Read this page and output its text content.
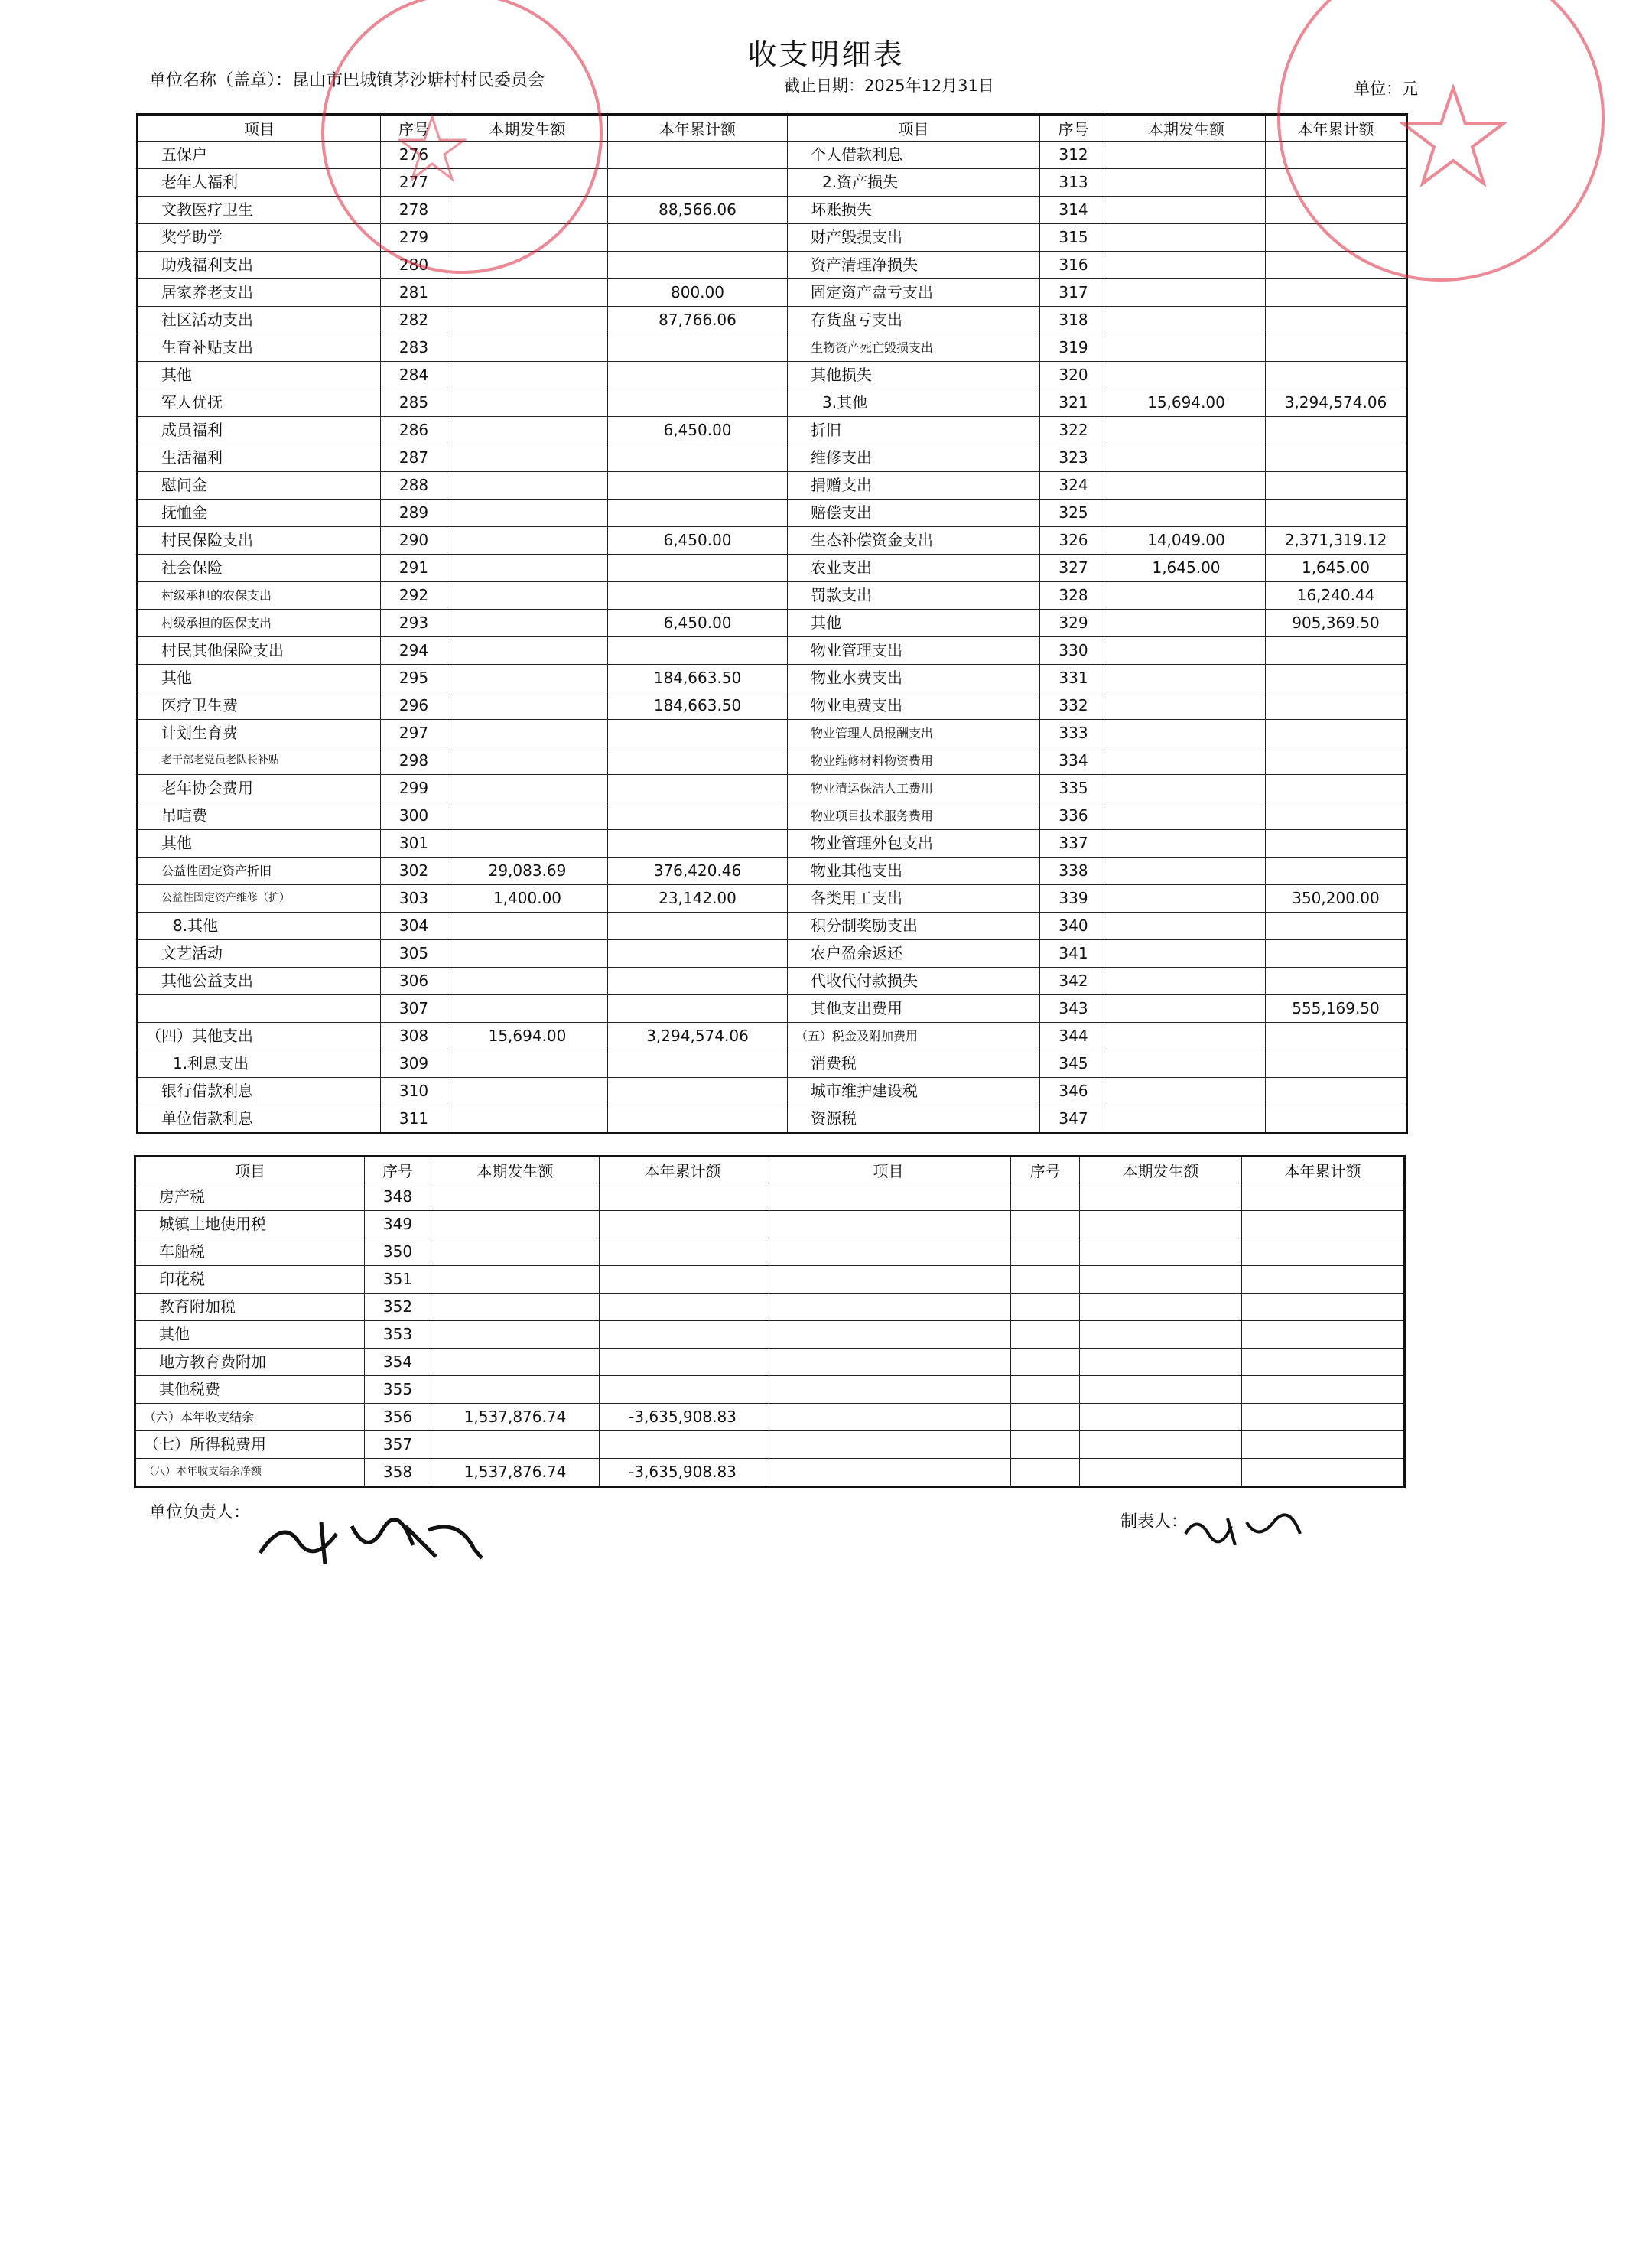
收支明细表
单位名称（盖章）：昆山市巴城镇茅沙塘村村民委员会	截止日期：2025年12月31日	单位：元
项目	序号	本期发生额	本年累计额	项目	序号	本期发生额	本年累计额
五保户	276			个人借款利息	312		
老年人福利	277			2.资产损失	313		
文教医疗卫生	278		88,566.06	坏账损失	314		
奖学助学	279			财产毁损支出	315		
助残福利支出	280			资产清理净损失	316		
居家养老支出	281		800.00	固定资产盘亏支出	317		
社区活动支出	282		87,766.06	存货盘亏支出	318		
生育补贴支出	283			生物资产死亡毁损支出	319		
其他	284			其他损失	320		
军人优抚	285			3.其他	321	15,694.00	3,294,574.06
成员福利	286		6,450.00	折旧	322		
生活福利	287			维修支出	323		
慰问金	288			捐赠支出	324		
抚恤金	289			赔偿支出	325		
村民保险支出	290		6,450.00	生态补偿资金支出	326	14,049.00	2,371,319.12
社会保险	291			农业支出	327	1,645.00	1,645.00
村级承担的农保支出	292			罚款支出	328		16,240.44
村级承担的医保支出	293		6,450.00	其他	329		905,369.50
村民其他保险支出	294			物业管理支出	330		
其他	295		184,663.50	物业水费支出	331		
医疗卫生费	296		184,663.50	物业电费支出	332		
计划生育费	297			物业管理人员报酬支出	333		
老干部老党员老队长补贴	298			物业维修材料物资费用	334		
老年协会费用	299			物业清运保洁人工费用	335		
吊唁费	300			物业项目技术服务费用	336		
其他	301			物业管理外包支出	337		
公益性固定资产折旧	302	29,083.69	376,420.46	物业其他支出	338		
公益性固定资产维修（护）	303	1,400.00	23,142.00	各类用工支出	339		350,200.00
8.其他	304			积分制奖励支出	340		
文艺活动	305			农户盈余返还	341		
其他公益支出	306			代收代付款损失	342		
	307			其他支出费用	343		555,169.50
（四）其他支出	308	15,694.00	3,294,574.06	（五）税金及附加费用	344		
1.利息支出	309			消费税	345		
银行借款利息	310			城市维护建设税	346		
单位借款利息	311			资源税	347		
项目	序号	本期发生额	本年累计额	项目	序号	本期发生额	本年累计额
房产税	348						
城镇土地使用税	349						
车船税	350						
印花税	351						
教育附加税	352						
其他	353						
地方教育费附加	354						
其他税费	355						
（六）本年收支结余	356	1,537,876.74	-3,635,908.83				
（七）所得税费用	357						
（八）本年收支结余净额	358	1,537,876.74	-3,635,908.83				
单位负责人：	制表人：
